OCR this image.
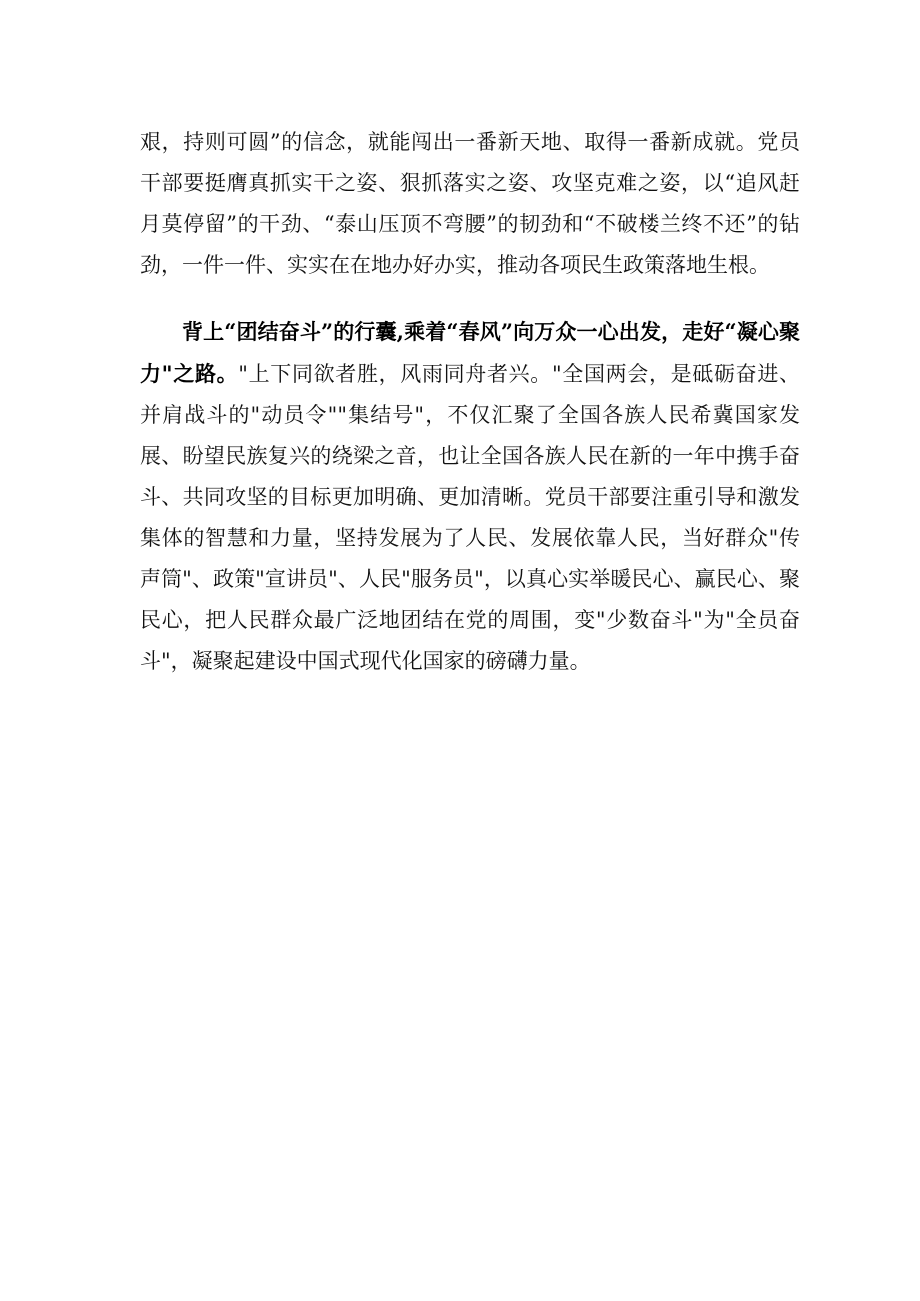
艰，持则可圆”的信念，就能闯出一番新天地、取得一番新成就。党员干部要挺膺真抓实干之姿、狠抓落实之姿、攻坚克难之姿，以“追风赶月莫停留”的干劲、“泰山压顶不弯腰”的韧劲和“不破楼兰终不还”的钻劲，一件一件、实实在在地办好办实，推动各项民生政策落地生根。

背上“团结奋斗”的行囊,乘着“春风”向万众一心出发，走好“凝心聚力"之路。"上下同欲者胜，风雨同舟者兴。"全国两会，是砥砺奋进、并肩战斗的"动员令""集结号"，不仅汇聚了全国各族人民希冀国家发展、盼望民族复兴的绕梁之音，也让全国各族人民在新的一年中携手奋斗、共同攻坚的目标更加明确、更加清晰。党员干部要注重引导和激发集体的智慧和力量，坚持发展为了人民、发展依靠人民，当好群众"传声筒"、政策"宣讲员"、人民"服务员"，以真心实举暖民心、赢民心、聚民心，把人民群众最广泛地团结在党的周围，变"少数奋斗"为"全员奋斗"，凝聚起建设中国式现代化国家的磅礴力量。
